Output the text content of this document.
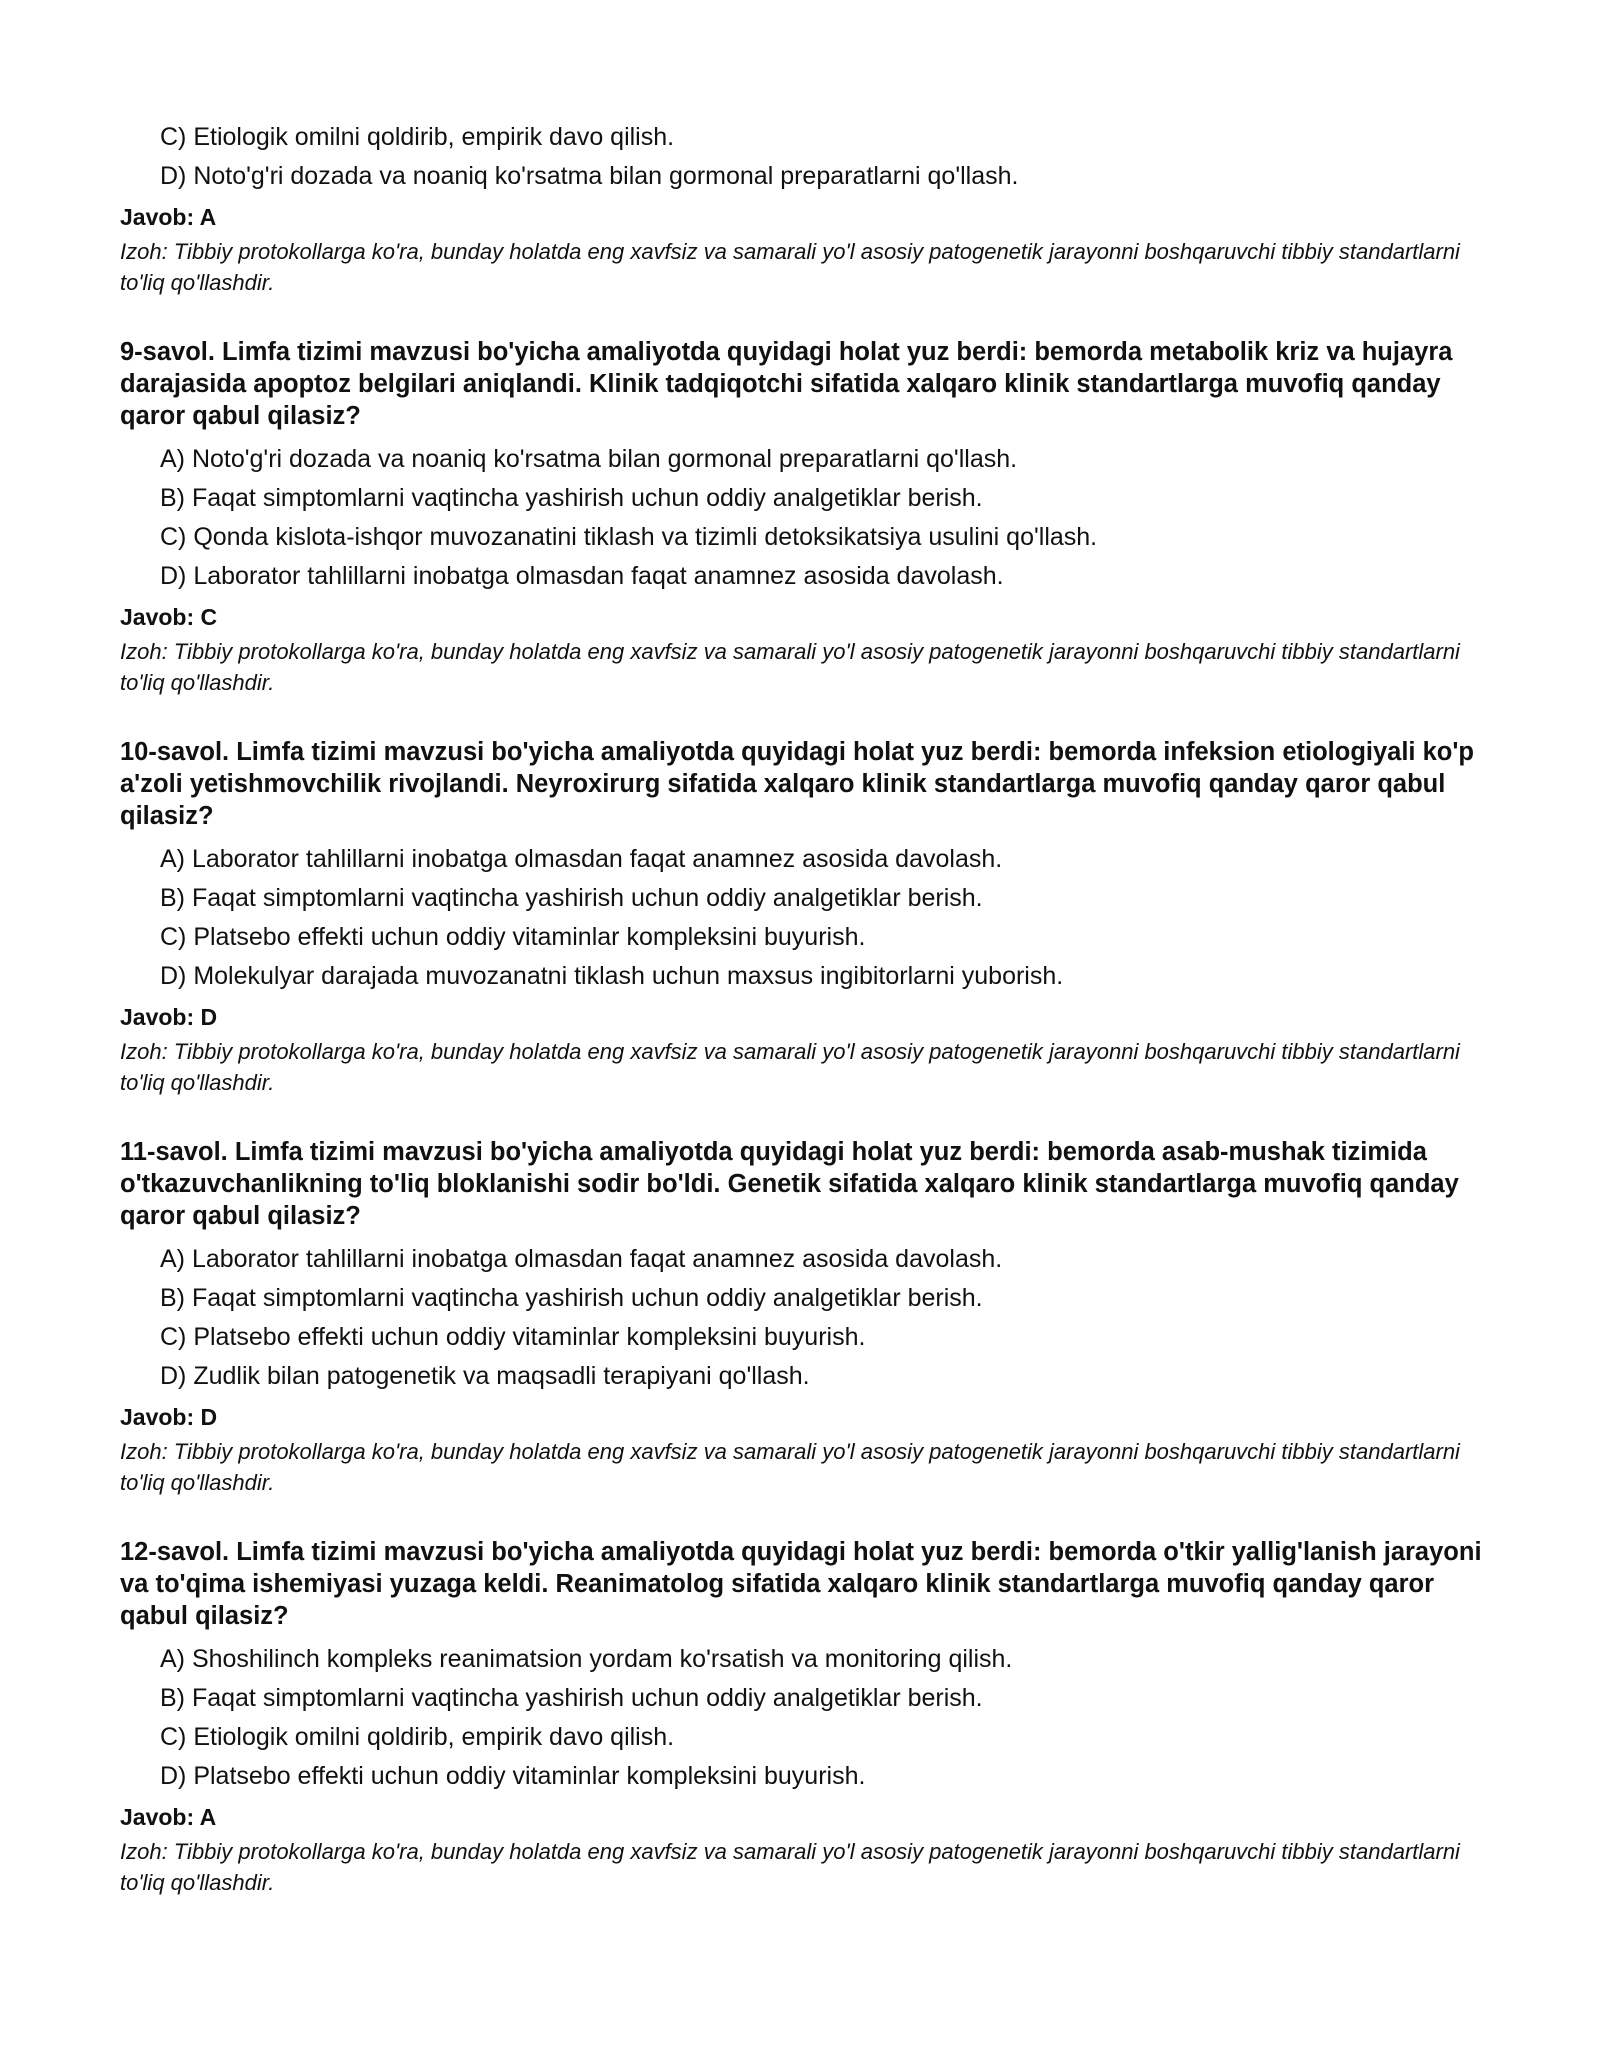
C) Etiologik omilni qoldirib, empirik davo qilish.

D) Noto'g'ri dozada va noaniq ko'rsatma bilan gormonal preparatlarni qo'llash.

Javob: A
Izoh: Tibbiy protokollarga ko'ra, bunday holatda eng xavfsiz va samarali yo'l asosiy patogenetik jarayonni boshqaruvchi tibbiy standartlarni to'liq qo'llashdir.
9-savol. Limfa tizimi mavzusi bo'yicha amaliyotda quyidagi holat yuz berdi: bemorda metabolik kriz va hujayra darajasida apoptoz belgilari aniqlandi. Klinik tadqiqotchi sifatida xalqaro klinik standartlarga muvofiq qanday qaror qabul qilasiz?

A) Noto'g'ri dozada va noaniq ko'rsatma bilan gormonal preparatlarni qo'llash.

B) Faqat simptomlarni vaqtincha yashirish uchun oddiy analgetiklar berish.

C) Qonda kislota-ishqor muvozanatini tiklash va tizimli detoksikatsiya usulini qo'llash.

D) Laborator tahlillarni inobatga olmasdan faqat anamnez asosida davolash.

Javob: C
Izoh: Tibbiy protokollarga ko'ra, bunday holatda eng xavfsiz va samarali yo'l asosiy patogenetik jarayonni boshqaruvchi tibbiy standartlarni to'liq qo'llashdir.
10-savol. Limfa tizimi mavzusi bo'yicha amaliyotda quyidagi holat yuz berdi: bemorda infeksion etiologiyali ko'p a'zoli yetishmovchilik rivojlandi. Neyroxirurg sifatida xalqaro klinik standartlarga muvofiq qanday qaror qabul qilasiz?

A) Laborator tahlillarni inobatga olmasdan faqat anamnez asosida davolash.

B) Faqat simptomlarni vaqtincha yashirish uchun oddiy analgetiklar berish.

C) Platsebo effekti uchun oddiy vitaminlar kompleksini buyurish.

D) Molekulyar darajada muvozanatni tiklash uchun maxsus ingibitorlarni yuborish.

Javob: D
Izoh: Tibbiy protokollarga ko'ra, bunday holatda eng xavfsiz va samarali yo'l asosiy patogenetik jarayonni boshqaruvchi tibbiy standartlarni to'liq qo'llashdir.
11-savol. Limfa tizimi mavzusi bo'yicha amaliyotda quyidagi holat yuz berdi: bemorda asab-mushak tizimida o'tkazuvchanlikning to'liq bloklanishi sodir bo'ldi. Genetik sifatida xalqaro klinik standartlarga muvofiq qanday qaror qabul qilasiz?

A) Laborator tahlillarni inobatga olmasdan faqat anamnez asosida davolash.

B) Faqat simptomlarni vaqtincha yashirish uchun oddiy analgetiklar berish.

C) Platsebo effekti uchun oddiy vitaminlar kompleksini buyurish.

D) Zudlik bilan patogenetik va maqsadli terapiyani qo'llash.

Javob: D
Izoh: Tibbiy protokollarga ko'ra, bunday holatda eng xavfsiz va samarali yo'l asosiy patogenetik jarayonni boshqaruvchi tibbiy standartlarni to'liq qo'llashdir.
12-savol. Limfa tizimi mavzusi bo'yicha amaliyotda quyidagi holat yuz berdi: bemorda o'tkir yallig'lanish jarayoni va to'qima ishemiyasi yuzaga keldi. Reanimatolog sifatida xalqaro klinik standartlarga muvofiq qanday qaror qabul qilasiz?

A) Shoshilinch kompleks reanimatsion yordam ko'rsatish va monitoring qilish.

B) Faqat simptomlarni vaqtincha yashirish uchun oddiy analgetiklar berish.

C) Etiologik omilni qoldirib, empirik davo qilish.

D) Platsebo effekti uchun oddiy vitaminlar kompleksini buyurish.

Javob: A
Izoh: Tibbiy protokollarga ko'ra, bunday holatda eng xavfsiz va samarali yo'l asosiy patogenetik jarayonni boshqaruvchi tibbiy standartlarni to'liq qo'llashdir.
